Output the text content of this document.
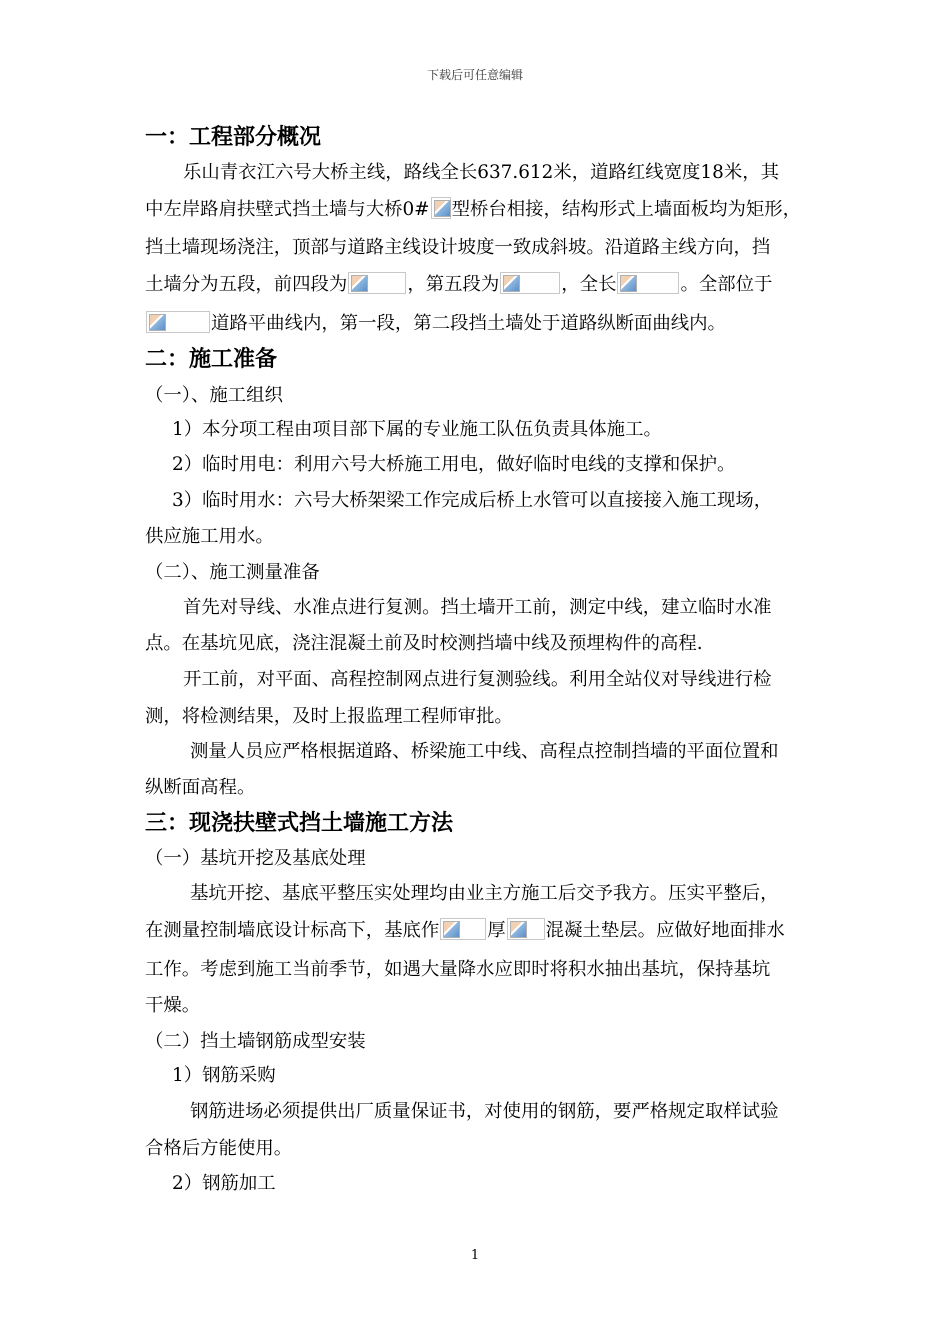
下载后可任意编辑
一：工程部分概况
乐山青衣江六号大桥主线，路线全长637.612米，道路红线宽度18米，其
中左岸路肩扶壁式挡土墙与大桥0# 型桥台相接，结构形式上墙面板均为矩形，
挡土墙现场浇注，顶部与道路主线设计坡度一致成斜坡。沿道路主线方向，挡
土墙分为五段，前四段为	，第五段为	，全长	。全部位于
道路平曲线内，第一段，第二段挡土墙处于道路纵断面曲线内。
二：施工准备
（一）、施工组织
1）本分项工程由项目部下属的专业施工队伍负责具体施工。
2）临时用电：利用六号大桥施工用电，做好临时电线的支撑和保护。
3）临时用水：六号大桥架梁工作完成后桥上水管可以直接接入施工现场，
供应施工用水。
（二）、施工测量准备
首先对导线、水准点进行复测。挡土墙开工前，测定中线，建立临时水准
点。在基坑见底，浇注混凝土前及时校测挡墙中线及预埋构件的高程.
开工前，对平面、高程控制网点进行复测验线。利用全站仪对导线进行检
测，将检测结果，及时上报监理工程师审批。
测量人员应严格根据道路、桥梁施工中线、高程点控制挡墙的平面位置和
纵断面高程。
三：现浇扶壁式挡土墙施工方法
（一）基坑开挖及基底处理
基坑开挖、基底平整压实处理均由业主方施工后交予我方。压实平整后，
在测量控制墙底设计标高下，基底作	厚 混凝土垫层。应做好地面排水
工作。考虑到施工当前季节，如遇大量降水应即时将积水抽出基坑，保持基坑
干燥。
（二）挡土墙钢筋成型安装
1）钢筋采购
钢筋进场必须提供出厂质量保证书，对使用的钢筋，要严格规定取样试验
合格后方能使用。
2）钢筋加工
1
